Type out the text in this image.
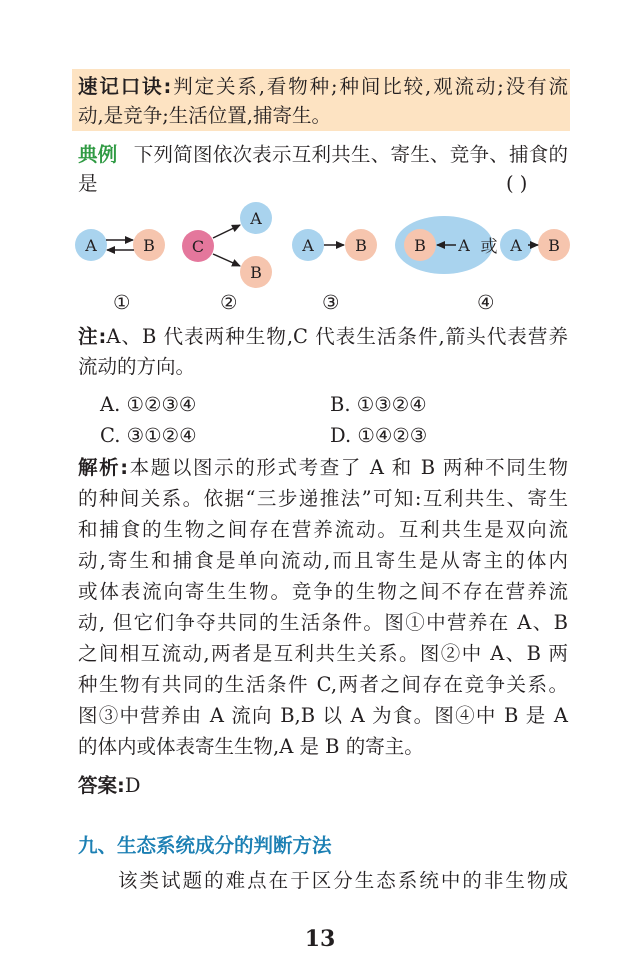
速记口诀:判定关系,看物种;种间比较,观流动;没有流
动,是竞争;生活位置,捕寄生。
典例 下列简图依次表示互利共生、寄生、竞争、捕食的
是	( )
A	B C
A
B
A	B	B A 或 A B
①	②	③	④
注:A、B 代表两种生物,C 代表生活条件,箭头代表营养
流动的方向。
A. ①②③④	B. ①③②④
C. ③①②④	D. ①④②③
解析:本题以图示的形式考查了 A 和 B 两种不同生物
的种间关系。依据“三步递推法”可知:互利共生、寄生
和捕食的生物之间存在营养流动。互利共生是双向流
动,寄生和捕食是单向流动,而且寄生是从寄主的体内
或体表流向寄生生物。竞争的生物之间不存在营养流
动, 但它们争夺共同的生活条件。图①中营养在 A、B
之间相互流动,两者是互利共生关系。图②中 A、B 两
种生物有共同的生活条件 C,两者之间存在竞争关系。
图③中营养由 A 流向 B,B 以 A 为食。图④中 B 是 A
的体内或体表寄生生物,A 是 B 的寄主。
答案:D
九、生态系统成分的判断方法
该类试题的难点在于区分生态系统中的非生物成
13
